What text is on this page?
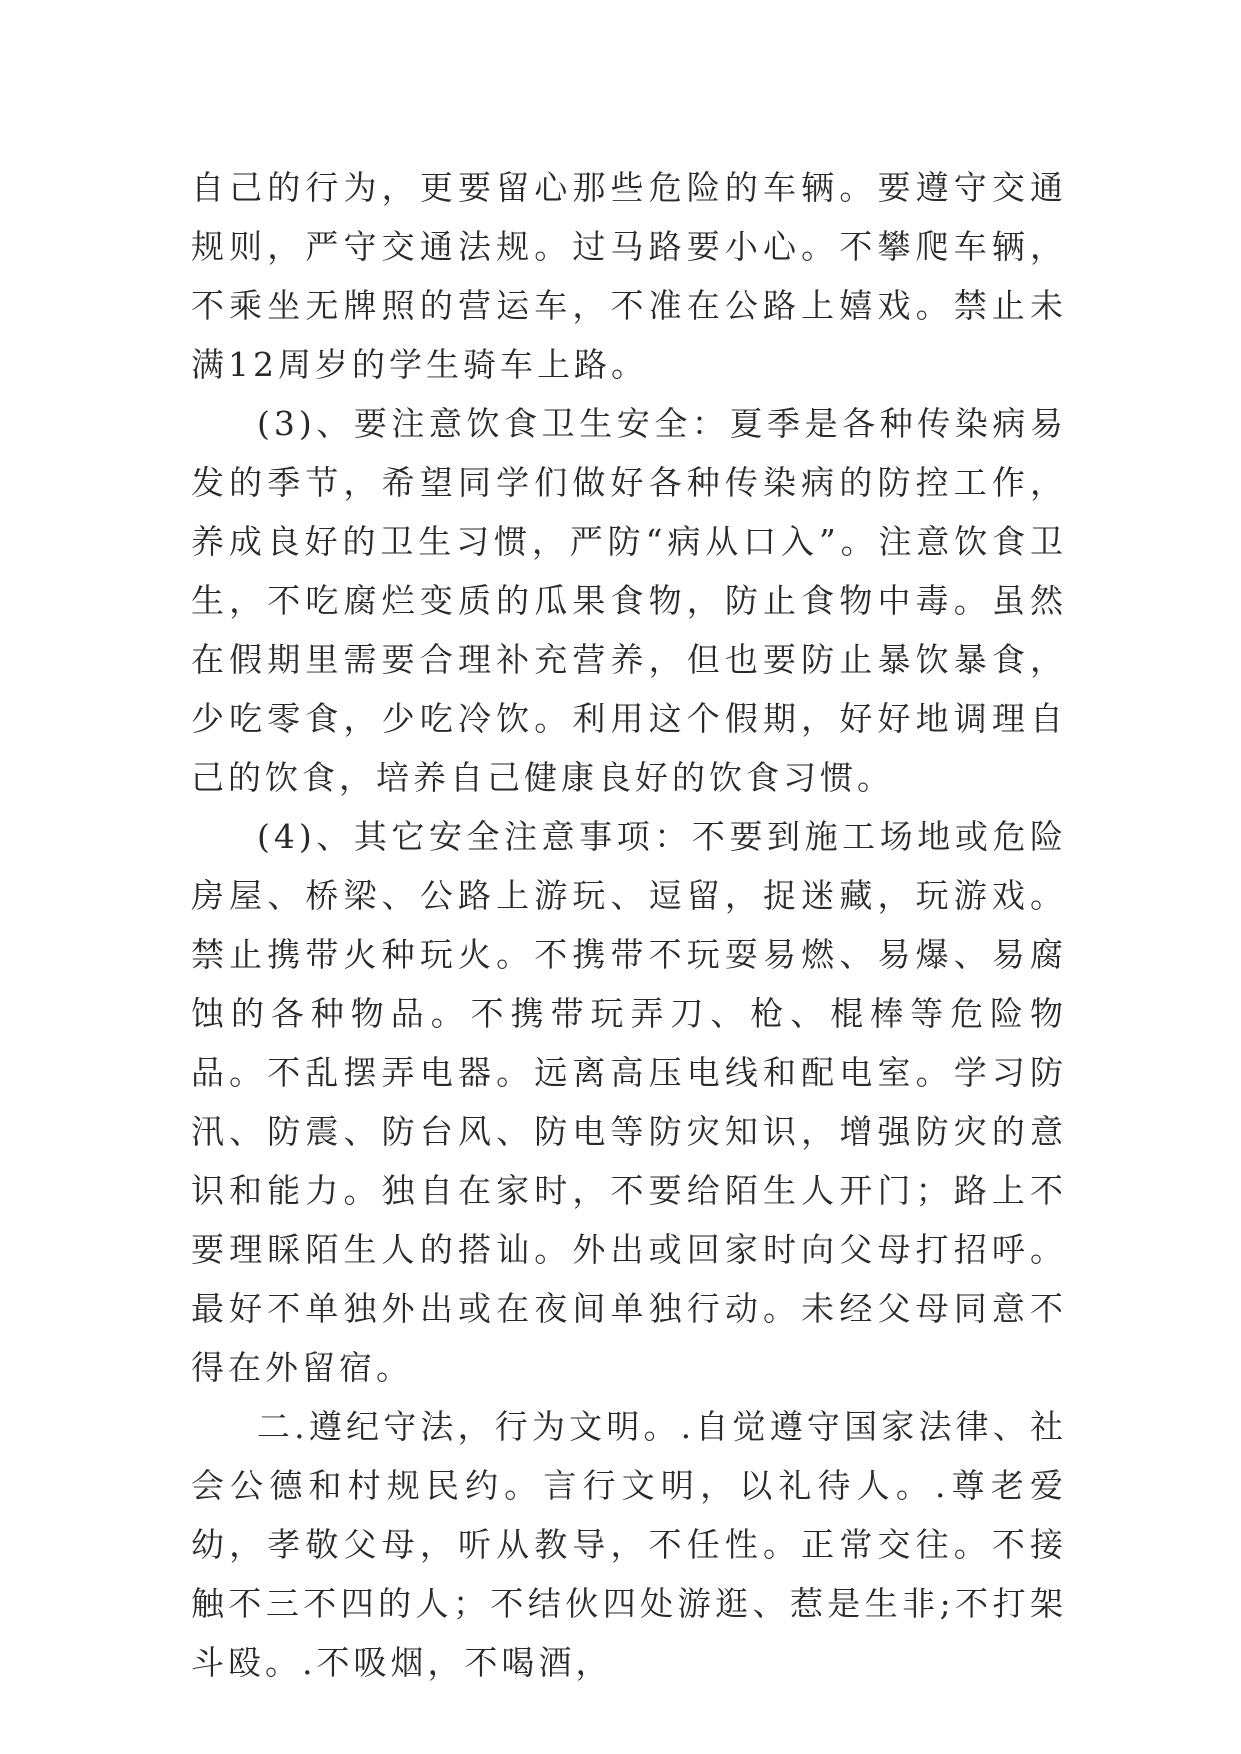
自己的行为，更要留心那些危险的车辆。要遵守交通规则，严守交通法规。过马路要小心。不攀爬车辆，不乘坐无牌照的营运车，不准在公路上嬉戏。禁止未满12周岁的学生骑车上路。

(3)、要注意饮食卫生安全：夏季是各种传染病易发的季节，希望同学们做好各种传染病的防控工作，养成良好的卫生习惯，严防“病从口入”。注意饮食卫生，不吃腐烂变质的瓜果食物，防止食物中毒。虽然在假期里需要合理补充营养，但也要防止暴饮暴食，少吃零食，少吃冷饮。利用这个假期，好好地调理自己的饮食，培养自己健康良好的饮食习惯。

(4)、其它安全注意事项：不要到施工场地或危险房屋、桥梁、公路上游玩、逗留，捉迷藏，玩游戏。禁止携带火种玩火。不携带不玩耍易燃、易爆、易腐蚀的各种物品。不携带玩弄刀、枪、棍棒等危险物品。不乱摆弄电器。远离高压电线和配电室。学习防汛、防震、防台风、防电等防灾知识，增强防灾的意识和能力。独自在家时，不要给陌生人开门；路上不要理睬陌生人的搭讪。外出或回家时向父母打招呼。最好不单独外出或在夜间单独行动。未经父母同意不得在外留宿。

二.遵纪守法，行为文明。.自觉遵守国家法律、社会公德和村规民约。言行文明，以礼待人。.尊老爱幼，孝敬父母，听从教导，不任性。正常交往。不接触不三不四的人；不结伙四处游逛、惹是生非;不打架斗殴。.不吸烟，不喝酒，
